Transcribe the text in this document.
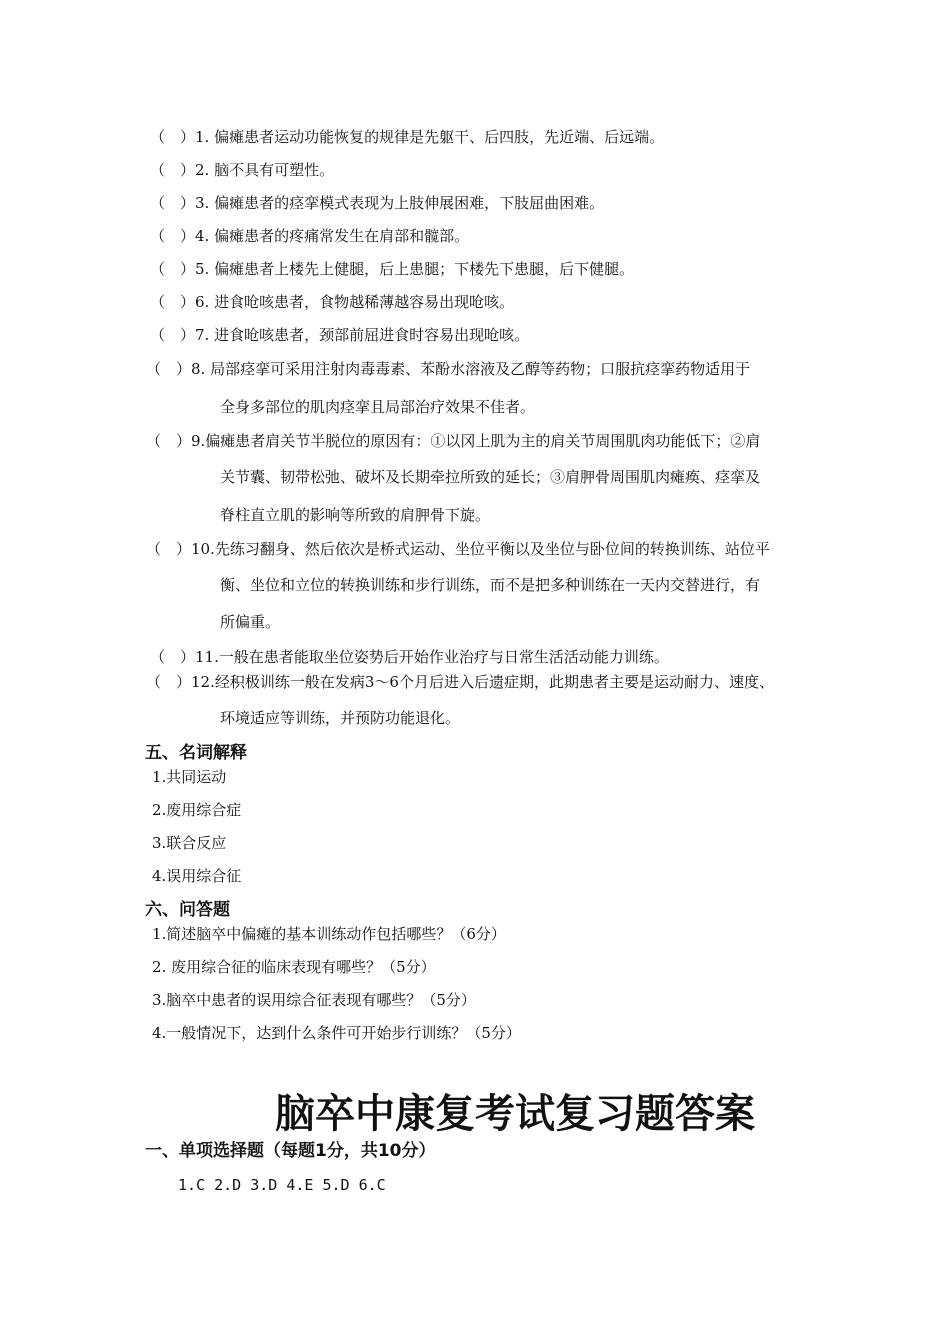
（　）1. 偏瘫患者运动功能恢复的规律是先躯干、后四肢，先近端、后远端。
（　）2. 脑不具有可塑性。
（　）3. 偏瘫患者的痉挛模式表现为上肢伸展困难，下肢屈曲困难。
（　）4. 偏瘫患者的疼痛常发生在肩部和髋部。
（　）5. 偏瘫患者上楼先上健腿，后上患腿；下楼先下患腿，后下健腿。
（　）6. 进食呛咳患者，食物越稀薄越容易出现呛咳。
（　）7. 进食呛咳患者，颈部前屈进食时容易出现呛咳。
（　）8. 局部痉挛可采用注射肉毒毒素、苯酚水溶液及乙醇等药物；口服抗痉挛药物适用于
全身多部位的肌肉痉挛且局部治疗效果不佳者。
（　）9.偏瘫患者肩关节半脱位的原因有：①以冈上肌为主的肩关节周围肌肉功能低下；②肩
关节囊、韧带松弛、破坏及长期牵拉所致的延长；③肩胛骨周围肌肉瘫痪、痉挛及
脊柱直立肌的影响等所致的肩胛骨下旋。
（　）10.先练习翻身、然后依次是桥式运动、坐位平衡以及坐位与卧位间的转换训练、站位平
衡、坐位和立位的转换训练和步行训练，而不是把多种训练在一天内交替进行，有
所偏重。
（　）11.一般在患者能取坐位姿势后开始作业治疗与日常生活活动能力训练。
（　）12.经积极训练一般在发病3～6个月后进入后遗症期，此期患者主要是运动耐力、速度、
环境适应等训练，并预防功能退化。
五、名词解释
1.共同运动
2.废用综合症
3.联合反应
4.误用综合征
六、问答题
1.简述脑卒中偏瘫的基本训练动作包括哪些？（6分）
2. 废用综合征的临床表现有哪些？（5分）
3.脑卒中患者的误用综合征表现有哪些？（5分）
4.一般情况下，达到什么条件可开始步行训练？（5分）
脑卒中康复考试复习题答案
一、单项选择题（每题1分，共10分）
1.C 2.D 3.D 4.E 5.D 6.C
